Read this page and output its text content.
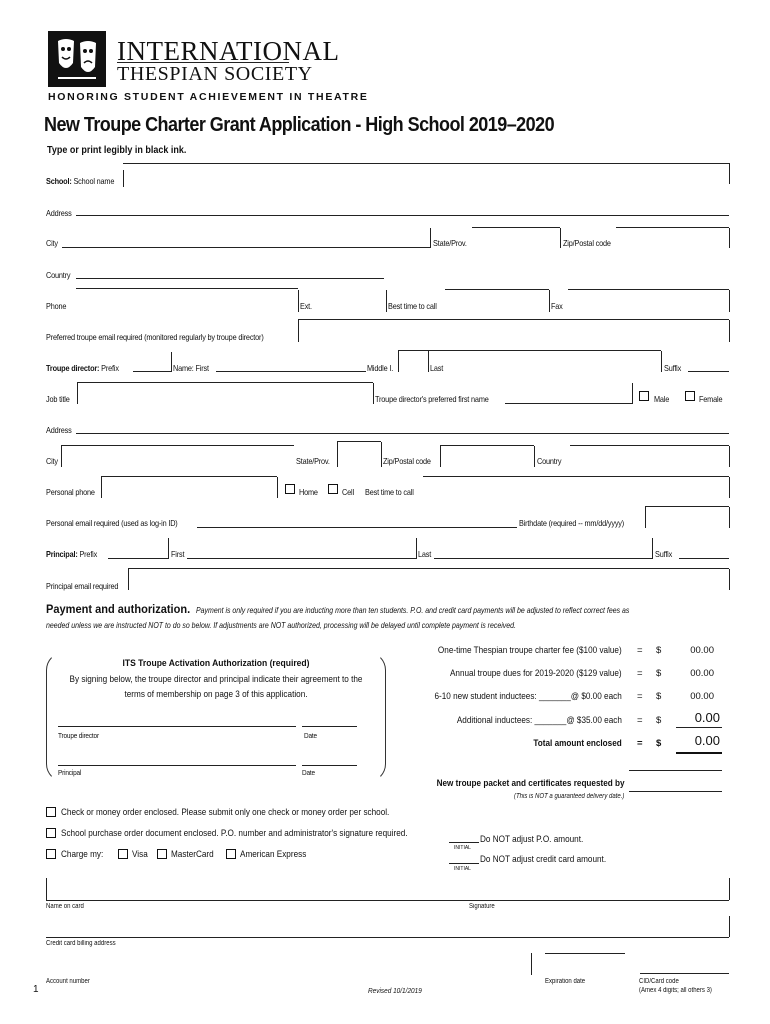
INTERNATIONAL
THESPIAN SOCIETY
HONORING STUDENT ACHIEVEMENT IN THEATRE
New Troupe Charter Grant Application - High School 2019–2020
Type or print legibly in black ink.
School: School name
Address
City	State/Prov.	Zip/Postal code
Country
Phone	Ext.	Best time to call	Fax
Preferred troupe email required (monitored regularly by troupe director)
Troupe director: Prefix	Name: First	Middle I.	Last	Suffix
Job title	Troupe director's preferred first name	Male	Female
Address
City	State/Prov.	Zip/Postal code	Country
Personal phone	Home	Cell Best time to call
Personal email required (used as log-in ID)	Birthdate (required -- mm/dd/yyyy)
Principal: Prefix	First	Last	Suffix
Principal email required
Payment and authorization. Payment is only required if you are inducting more than ten students. P.O. and credit card payments will be adjusted to reflect correct fees as
needed unless we are instructed NOT to do so below. If adjustments are NOT authorized, processing will be delayed until complete payment is received.
ITS Troupe Activation Authorization (required)
By signing below, the troupe director and principal indicate their agreement to the
terms of membership on page 3 of this application.
Troupe director	Date
Principal	Date
One-time Thespian troupe charter fee ($100 value) = $	00.00
Annual troupe dues for 2019-2020 ($129 value) = $	00.00
6-10 new student inductees: _______@ $0.00 each = $	00.00
Additional inductees: _______@ $35.00 each = $	0.00
Total amount enclosed = $	0.00
New troupe packet and certificates requested by
(This is NOT a guaranteed delivery date.)
Check or money order enclosed. Please submit only one check or money order per school.
School purchase order document enclosed. P.O. number and administrator's signature required.
Charge my:	Visa MasterCard	American Express
INITIAL
Do NOT adjust P.O. amount.
INITIAL
Do NOT adjust credit card amount.
Name on card	Signature
Credit card billing address
Account number	Expiration date	CID/Card code
(Amex 4 digits; all others 3)
1	Revised 10/1/2019
